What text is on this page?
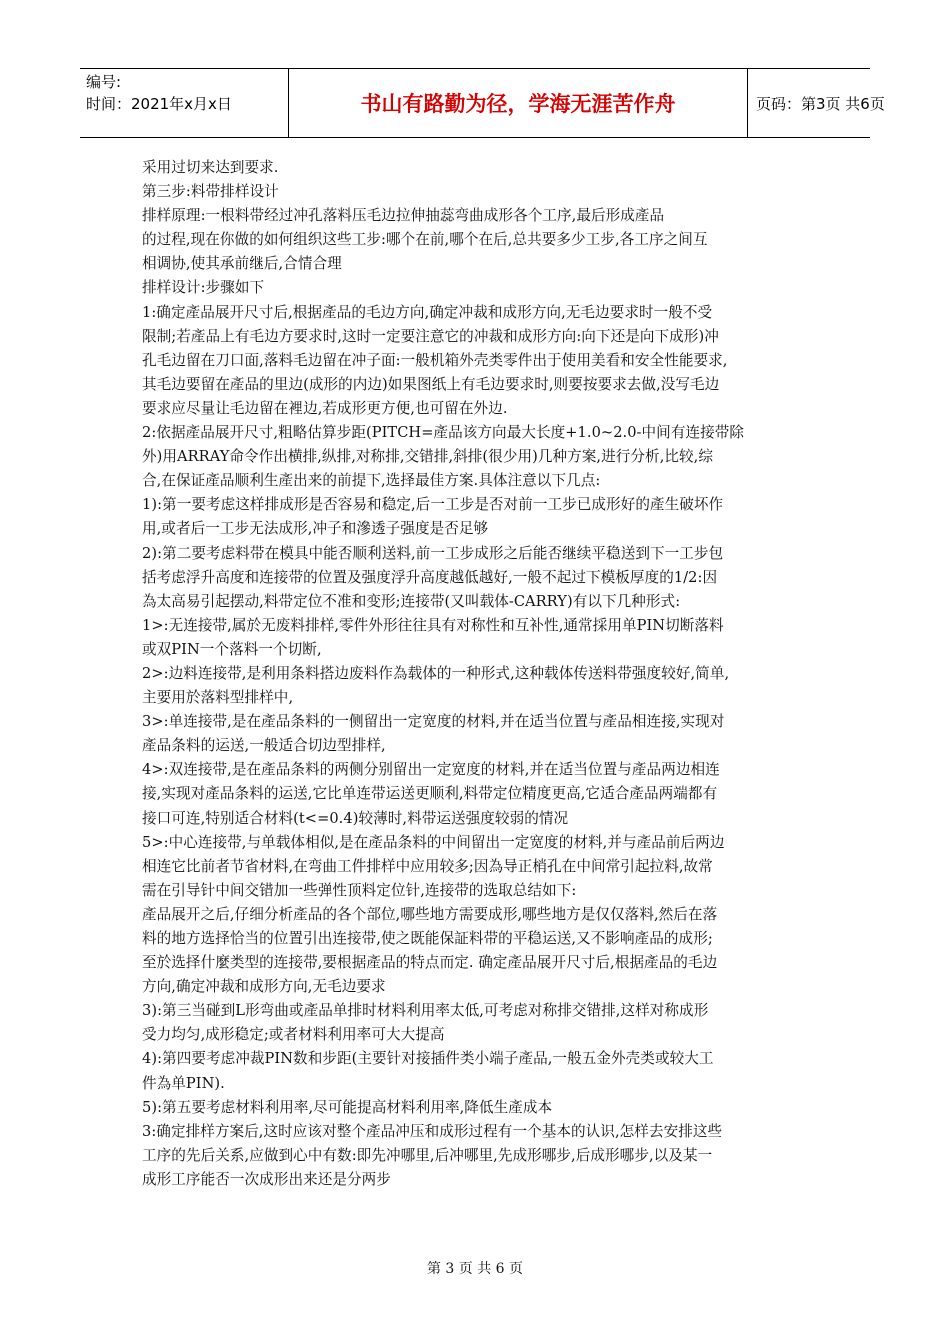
编号:
时间：2021年x月x日	书山有路勤为径，学海无涯苦作舟	页码：第3页 共6页
采用过切来达到要求.
第三步:料带排样设计
排样原理:一根料带经过冲孔落料压毛边拉伸抽蕊弯曲成形各个工序,最后形成產品
的过程,现在你做的如何组织这些工步:哪个在前,哪个在后,总共要多少工步,各工序之间互
相调协,使其承前继后,合情合理
排样设计:步骤如下
1:确定產品展开尺寸后,根据產品的毛边方向,确定冲裁和成形方向,无毛边要求时一般不受
限制;若產品上有毛边方要求时,这时一定要注意它的冲裁和成形方向:向下还是向下成形)冲
孔毛边留在刀口面,落料毛边留在冲子面:一般机箱外壳类零件出于使用美看和安全性能要求,
其毛边要留在產品的里边(成形的内边)如果图纸上有毛边要求时,则要按要求去做,没写毛边
要求应尽量让毛边留在裡边,若成形更方便,也可留在外边.
2:依据產品展开尺寸,粗略估算步距(PITCH=產品该方向最大长度+1.0~2.0-中间有连接带除
外)用ARRAY命令作出横排,纵排,对称排,交错排,斜排(很少用)几种方案,进行分析,比较,综
合,在保证產品顺利生產出来的前提下,选择最佳方案.具体注意以下几点:
1):第一要考虑这样排成形是否容易和稳定,后一工步是否对前一工步已成形好的產生破坏作
用,或者后一工步无法成形,冲子和滲透子强度是否足够
2):第二要考虑料带在模具中能否顺利送料,前一工步成形之后能否继续平稳送到下一工步包
括考虑浮升高度和连接带的位置及强度浮升高度越低越好,一般不起过下模板厚度的1/2:因
為太高易引起摆动,料带定位不准和变形;连接带(又叫载体-CARRY)有以下几种形式:
1>:无连接带,属於无废料排样,零件外形往往具有对称性和互补性,通常採用单PIN切断落料
或双PIN一个落料一个切断,
2>:边料连接带,是利用条料搭边废料作為载体的一种形式,这种载体传送料带强度较好,简单,
主要用於落料型排样中,
3>:单连接带,是在產品条料的一侧留出一定宽度的材料,并在适当位置与產品相连接,实现对
產品条料的运送,一般适合切边型排样,
4>:双连接带,是在產品条料的两侧分别留出一定宽度的材料,并在适当位置与產品两边相连
接,实现对產品条料的运送,它比单连带运送更顺利,料带定位精度更高,它适合產品两端都有
接口可连,特别适合材料(t<=0.4)较薄时,料带运送强度较弱的情况
5>:中心连接带,与单载体相似,是在產品条料的中间留出一定宽度的材料,并与產品前后两边
相连它比前者节省材料,在弯曲工件排样中应用较多;因為导正梢孔在中间常引起拉料,故常
需在引导针中间交错加一些弹性顶料定位针,连接带的选取总结如下:
產品展开之后,仔细分析產品的各个部位,哪些地方需要成形,哪些地方是仅仅落料,然后在落
料的地方选择恰当的位置引出连接带,使之既能保証料带的平稳运送,又不影响產品的成形;
至於选择什麼类型的连接带,要根据產品的特点而定. 确定產品展开尺寸后,根据產品的毛边
方向,确定冲裁和成形方向,无毛边要求
3):第三当碰到L形弯曲或產品单排时材料利用率太低,可考虑对称排交错排,这样对称成形
受力均匀,成形稳定;或者材料利用率可大大提高
4):第四要考虑冲裁PIN数和步距(主要针对接插件类小端子產品,一般五金外壳类或较大工
件為单PIN).
5):第五要考虑材料利用率,尽可能提高材料利用率,降低生產成本
3:确定排样方案后,这时应该对整个產品冲压和成形过程有一个基本的认识,怎样去安排这些
工序的先后关系,应做到心中有数:即先冲哪里,后冲哪里,先成形哪步,后成形哪步,以及某一
成形工序能否一次成形出来还是分两步
第 3 页 共 6 页
